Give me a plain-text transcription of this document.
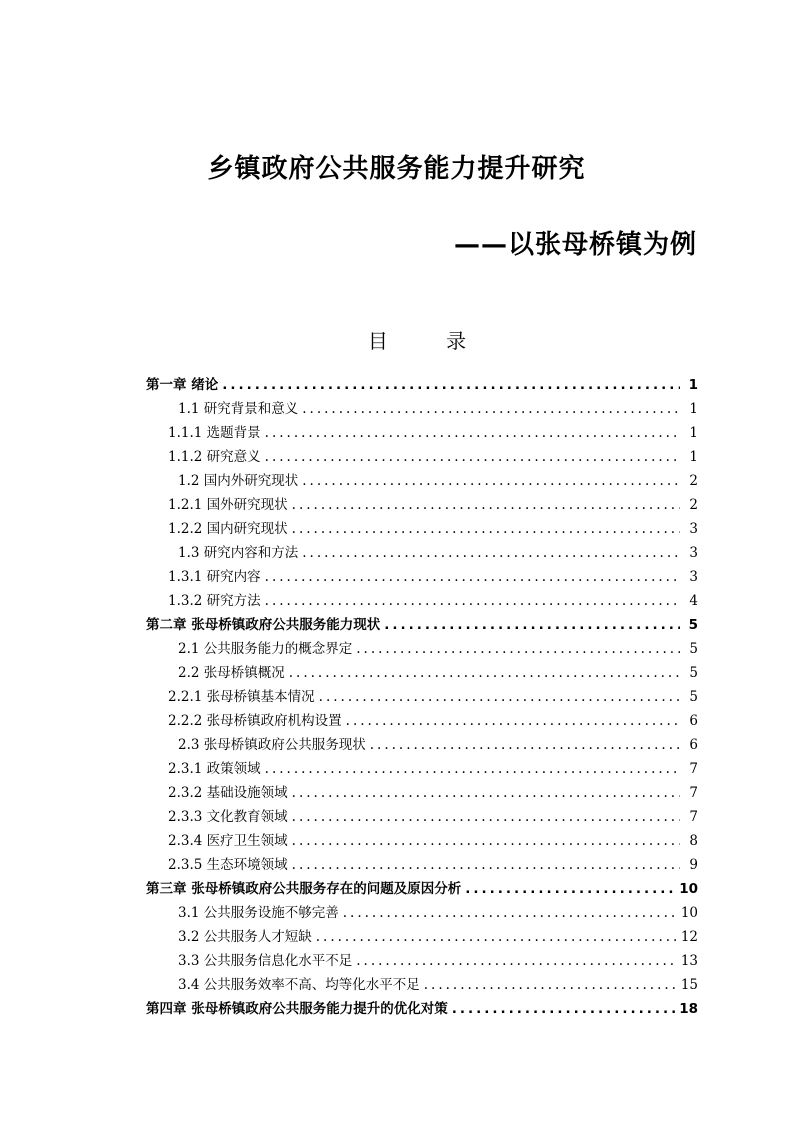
乡镇政府公共服务能力提升研究
——以张母桥镇为例
目 录
第一章 绪论 .....	1
1.1 研究背景和意义 .....	1
1.1.1 选题背景 .....	1
1.1.2 研究意义 .....	1
1.2 国内外研究现状 .....	2
1.2.1 国外研究现状 .....	2
1.2.2 国内研究现状 .....	3
1.3 研究内容和方法 .....	3
1.3.1 研究内容 .....	3
1.3.2 研究方法 .....	4
第二章 张母桥镇政府公共服务能力现状 .....	5
2.1 公共服务能力的概念界定 .....	5
2.2 张母桥镇概况 .....	5
2.2.1 张母桥镇基本情况 .....	5
2.2.2 张母桥镇政府机构设置 .....	6
2.3 张母桥镇政府公共服务现状 .....	6
2.3.1 政策领域 .....	7
2.3.2 基础设施领域 .....	7
2.3.3 文化教育领域 .....	7
2.3.4 医疗卫生领域 .....	8
2.3.5 生态环境领域 .....	9
第三章 张母桥镇政府公共服务存在的问题及原因分析 .....	10
3.1 公共服务设施不够完善 .....	10
3.2 公共服务人才短缺 .....	12
3.3 公共服务信息化水平不足 .....	13
3.4 公共服务效率不高、均等化水平不足 .....	15
第四章 张母桥镇政府公共服务能力提升的优化对策 .....	18
